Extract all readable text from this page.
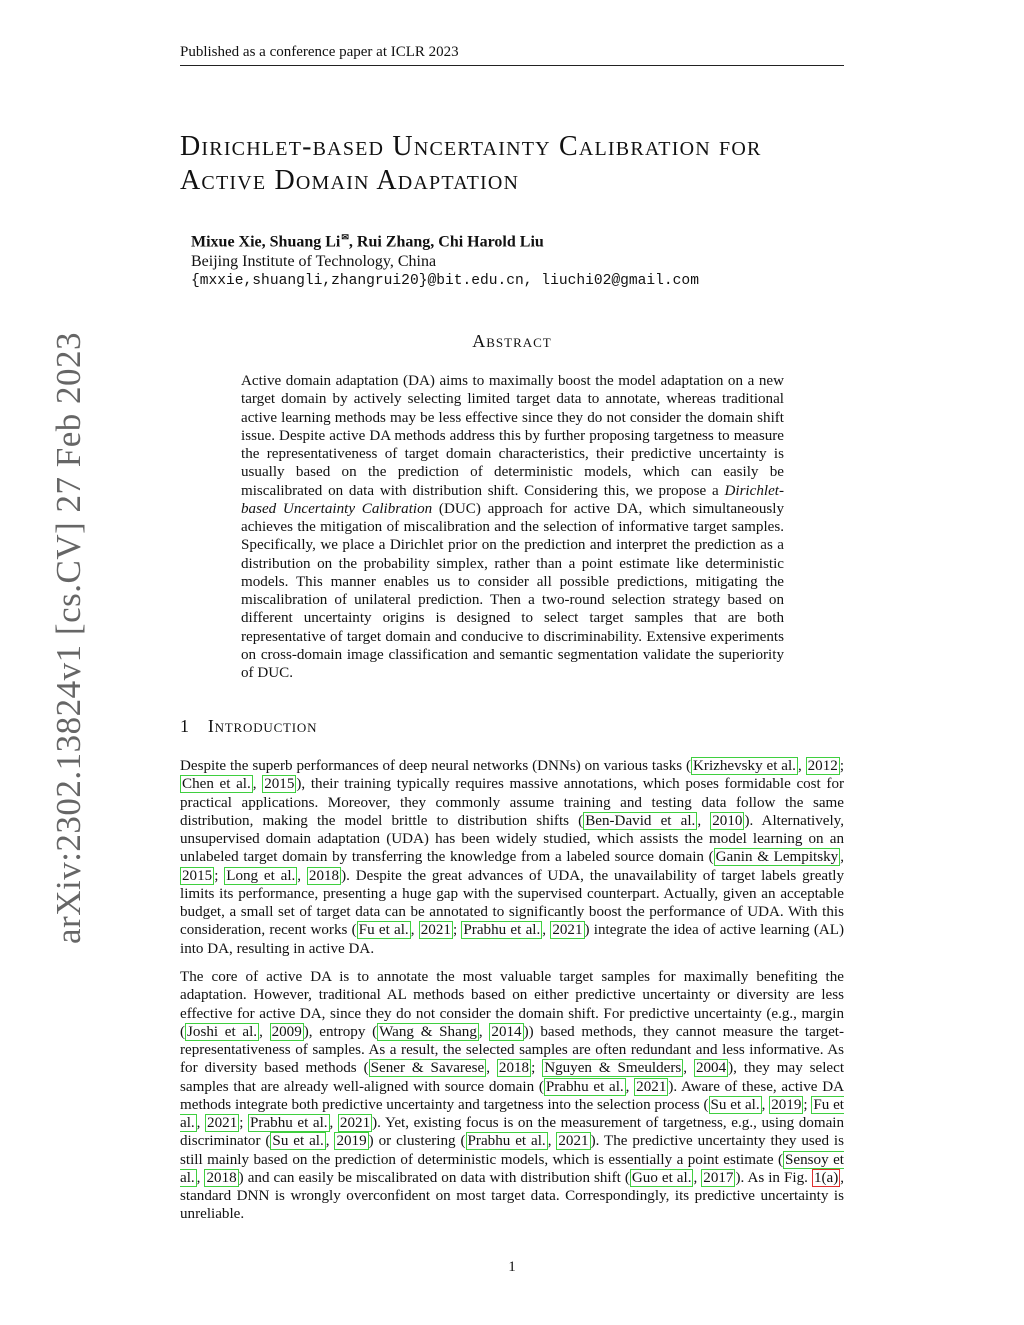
Published as a conference paper at ICLR 2023
arXiv:2302.13824v1 [cs.CV] 27 Feb 2023
Dirichlet-based Uncertainty Calibration for
Active Domain Adaptation
Mixue Xie, Shuang Li✉, Rui Zhang, Chi Harold Liu
Beijing Institute of Technology, China
{mxxie,shuangli,zhangrui20}@bit.edu.cn, liuchi02@gmail.com
Abstract
Active domain adaptation (DA) aims to maximally boost the model adaptation on a new target domain by actively selecting limited target data to annotate, whereas traditional active learning methods may be less effective since they do not consider the domain shift issue. Despite active DA methods address this by further proposing targetness to measure the representativeness of target domain characteristics, their predictive uncertainty is usually based on the prediction of deterministic models, which can easily be miscalibrated on data with distribution shift. Considering this, we propose a Dirichlet-based Uncertainty Calibration (DUC) approach for active DA, which simultaneously achieves the mitigation of miscalibration and the selection of informative target samples. Specifically, we place a Dirichlet prior on the prediction and interpret the prediction as a distribution on the probability simplex, rather than a point estimate like deterministic models. This manner enables us to consider all possible predictions, mitigating the miscalibration of unilateral prediction. Then a two-round selection strategy based on different uncertainty origins is designed to select target samples that are both representative of target domain and conducive to discriminability. Extensive experiments on cross-domain image classification and semantic segmentation validate the superiority of DUC.
1 Introduction
Despite the superb performances of deep neural networks (DNNs) on various tasks ( Krizhevsky et al. , 2012 ; Chen et al. , 2015 ), their training typically requires massive annotations, which poses formidable cost for practical applications. Moreover, they commonly assume training and testing data follow the same distribution, making the model brittle to distribution shifts ( Ben-David et al. , 2010 ). Alternatively, unsupervised domain adaptation (UDA) has been widely studied, which assists the model learning on an unlabeled target domain by transferring the knowledge from a labeled source domain ( Ganin & Lempitsky , 2015 ; Long et al. , 2018 ). Despite the great advances of UDA, the unavailability of target labels greatly limits its performance, presenting a huge gap with the supervised counterpart. Actually, given an acceptable budget, a small set of target data can be annotated to significantly boost the performance of UDA. With this consideration, recent works ( Fu et al. , 2021 ; Prabhu et al. , 2021 ) integrate the idea of active learning (AL) into DA, resulting in active DA.
The core of active DA is to annotate the most valuable target samples for maximally benefiting the adaptation. However, traditional AL methods based on either predictive uncertainty or diversity are less effective for active DA, since they do not consider the domain shift. For predictive uncertainty (e.g., margin ( Joshi et al. , 2009 ), entropy ( Wang & Shang , 2014 )) based methods, they cannot measure the target-representativeness of samples. As a result, the selected samples are often redundant and less informative. As for diversity based methods ( Sener & Savarese , 2018 ; Nguyen & Smeulders , 2004 ), they may select samples that are already well-aligned with source domain ( Prabhu et al. , 2021 ). Aware of these, active DA methods integrate both predictive uncertainty and targetness into the selection process ( Su et al. , 2019 ; Fu et al. , 2021 ; Prabhu et al. , 2021 ). Yet, existing focus is on the measurement of targetness, e.g., using domain discriminator ( Su et al. , 2019 ) or clustering ( Prabhu et al. , 2021 ). The predictive uncertainty they used is still mainly based on the prediction of deterministic models, which is essentially a point estimate ( Sensoy et al. , 2018 ) and can easily be miscalibrated on data with distribution shift ( Guo et al. , 2017 ). As in Fig. 1(a) , standard DNN is wrongly overconfident on most target data. Correspondingly, its predictive uncertainty is unreliable.
1
